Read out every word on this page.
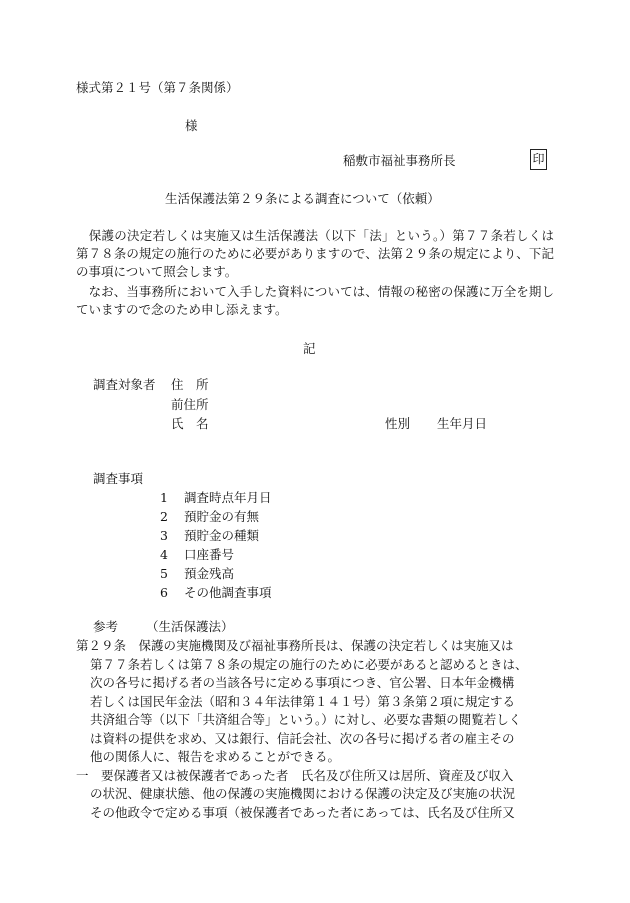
様式第２１号（第７条関係）
様
稲敷市福祉事務所長	印
生活保護法第２９条による調査について（依頼）
　保護の決定若しくは実施又は生活保護法（以下「法」という。）第７７条若しくは第７８条の規定の施行のために必要がありますので、法第２９条の規定により、下記の事項について照会します。
　なお、当事務所において入手した資料については、情報の秘密の保護に万全を期していますので念のため申し添えます。
記
調査対象者 住　所
前住所
氏　名	性別 生年月日
調査事項
1 調査時点年月日
2 預貯金の有無
3 預貯金の種類
4 口座番号
5 預金残高
6 その他調査事項
参考 （生活保護法）
第２９条　保護の実施機関及び福祉事務所長は、保護の決定若しくは実施又は
第７７条若しくは第７８条の規定の施行のために必要があると認めるときは、
次の各号に掲げる者の当該各号に定める事項につき、官公署、日本年金機構
若しくは国民年金法（昭和３４年法律第１４１号）第３条第２項に規定する
共済組合等（以下「共済組合等」という。）に対し、必要な書類の閲覧若しく
は資料の提供を求め、又は銀行、信託会社、次の各号に掲げる者の雇主その
他の関係人に、報告を求めることができる。
一　要保護者又は被保護者であった者　氏名及び住所又は居所、資産及び収入
の状況、健康状態、他の保護の実施機関における保護の決定及び実施の状況
その他政令で定める事項（被保護者であった者にあっては、氏名及び住所又
